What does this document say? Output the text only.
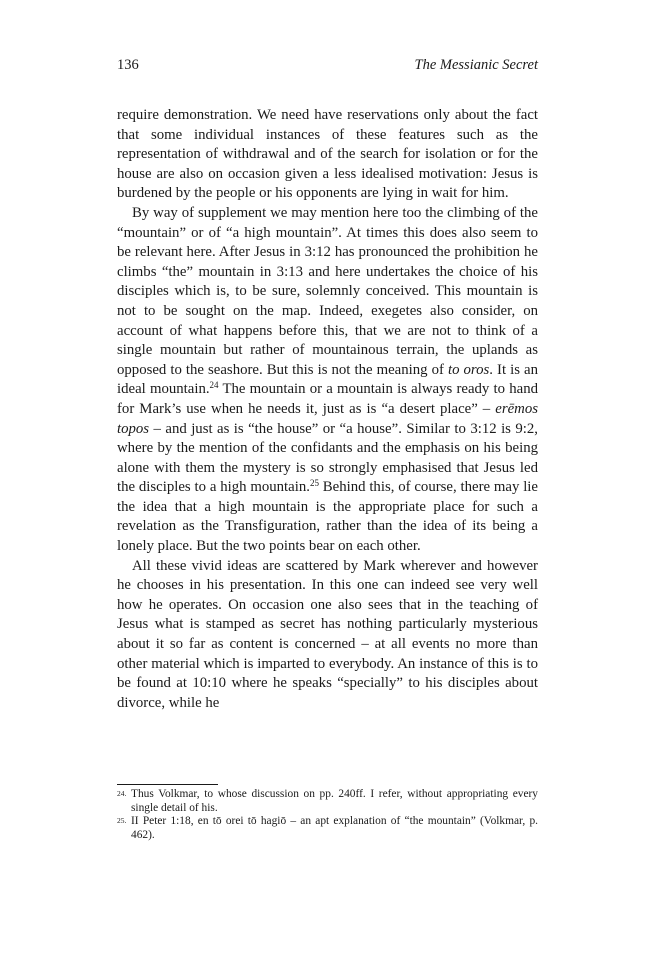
136	The Messianic Secret

require demonstration. We need have reservations only about the fact that some individual instances of these features such as the representation of withdrawal and of the search for isolation or for the house are also on occasion given a less idealised motivation: Jesus is burdened by the people or his opponents are lying in wait for him.

By way of supplement we may mention here too the climbing of the “mountain” or of “a high mountain”. At times this does also seem to be relevant here. After Jesus in 3:12 has pronounced the prohibition he climbs “the” mountain in 3:13 and here undertakes the choice of his disciples which is, to be sure, solemnly conceived. This mountain is not to be sought on the map. Indeed, exegetes also consider, on account of what happens before this, that we are not to think of a single mountain but rather of mountainous terrain, the uplands as opposed to the seashore. But this is not the meaning of to oros. It is an ideal mountain.$^{24}$ The mountain or a mountain is always ready to hand for Mark’s use when he needs it, just as is “a desert place” – erēmos topos – and just as is “the house” or “a house”. Similar to 3:12 is 9:2, where by the mention of the confidants and the emphasis on his being alone with them the mystery is so strongly emphasised that Jesus led the disciples to a high mountain.$^{25}$ Behind this, of course, there may lie the idea that a high mountain is the appropriate place for such a revelation as the Transfiguration, rather than the idea of its being a lonely place. But the two points bear on each other.

All these vivid ideas are scattered by Mark wherever and however he chooses in his presentation. In this one can indeed see very well how he operates. On occasion one also sees that in the teaching of Jesus what is stamped as secret has nothing particularly mysterious about it so far as content is concerned – at all events no more than other material which is imparted to everybody. An instance of this is to be found at 10:10 where he speaks “specially” to his disciples about divorce, while he

24. Thus Volkmar, to whose discussion on pp. 240ff. I refer, without appropriating every single detail of his.
25. II Peter 1:18, en tō orei tō hagiō – an apt explanation of “the mountain” (Volkmar, p. 462).
